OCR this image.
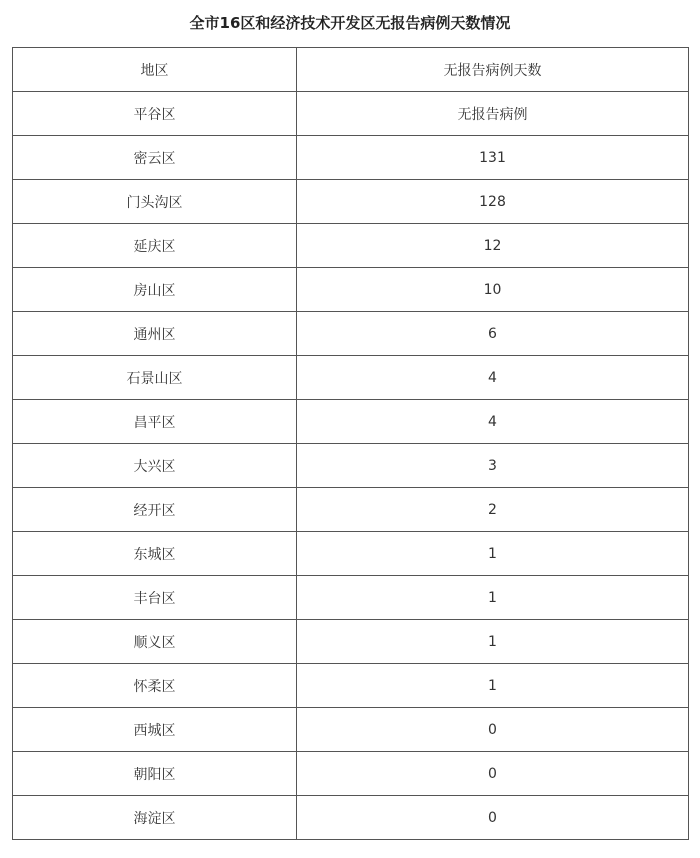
全市16区和经济技术开发区无报告病例天数情况
地区	无报告病例天数
平谷区	无报告病例
密云区	131
门头沟区	128
延庆区	12
房山区	10
通州区	6
石景山区	4
昌平区	4
大兴区	3
经开区	2
东城区	1
丰台区	1
顺义区	1
怀柔区	1
西城区	0
朝阳区	0
海淀区	0
